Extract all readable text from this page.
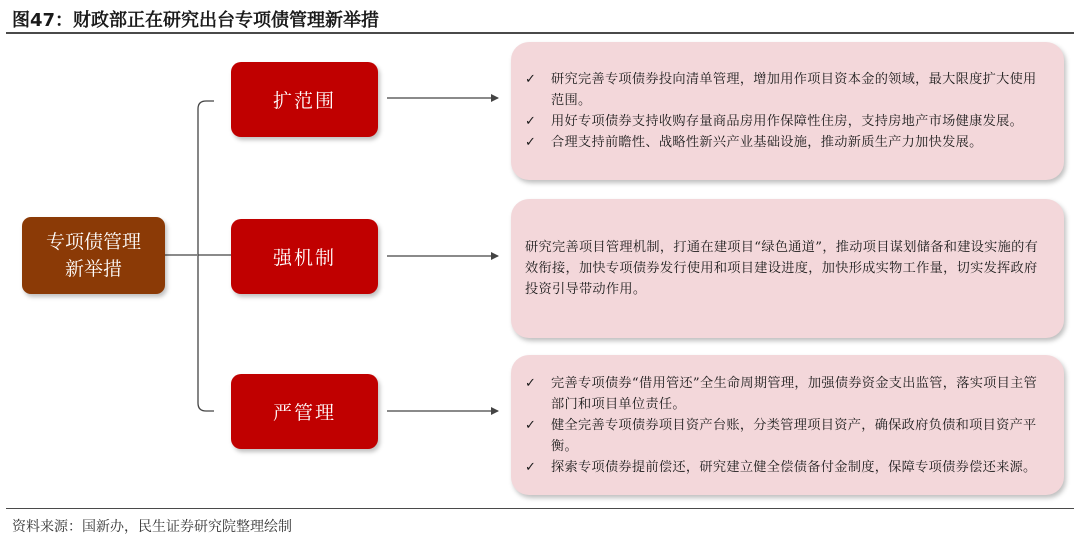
图47：财政部正在研究出台专项债管理新举措
专项债管理新举措
扩范围
强机制
严管理
✓	研究完善专项债券投向清单管理，增加用作项目资本金的领域，最大限度扩大使用范围。
✓	用好专项债券支持收购存量商品房用作保障性住房，支持房地产市场健康发展。
✓	合理支持前瞻性、战略性新兴产业基础设施，推动新质生产力加快发展。
研究完善项目管理机制，打通在建项目“绿色通道”，推动项目谋划储备和建设实施的有效衔接，加快专项债券发行使用和项目建设进度，加快形成实物工作量，切实发挥政府投资引导带动作用。
✓	完善专项债券“借用管还”全生命周期管理，加强债券资金支出监管，落实项目主管部门和项目单位责任。
✓	健全完善专项债券项目资产台账，分类管理项目资产，确保政府负债和项目资产平衡。
✓	探索专项债券提前偿还，研究建立健全偿债备付金制度，保障专项债券偿还来源。
资料来源：国新办，民生证券研究院整理绘制
